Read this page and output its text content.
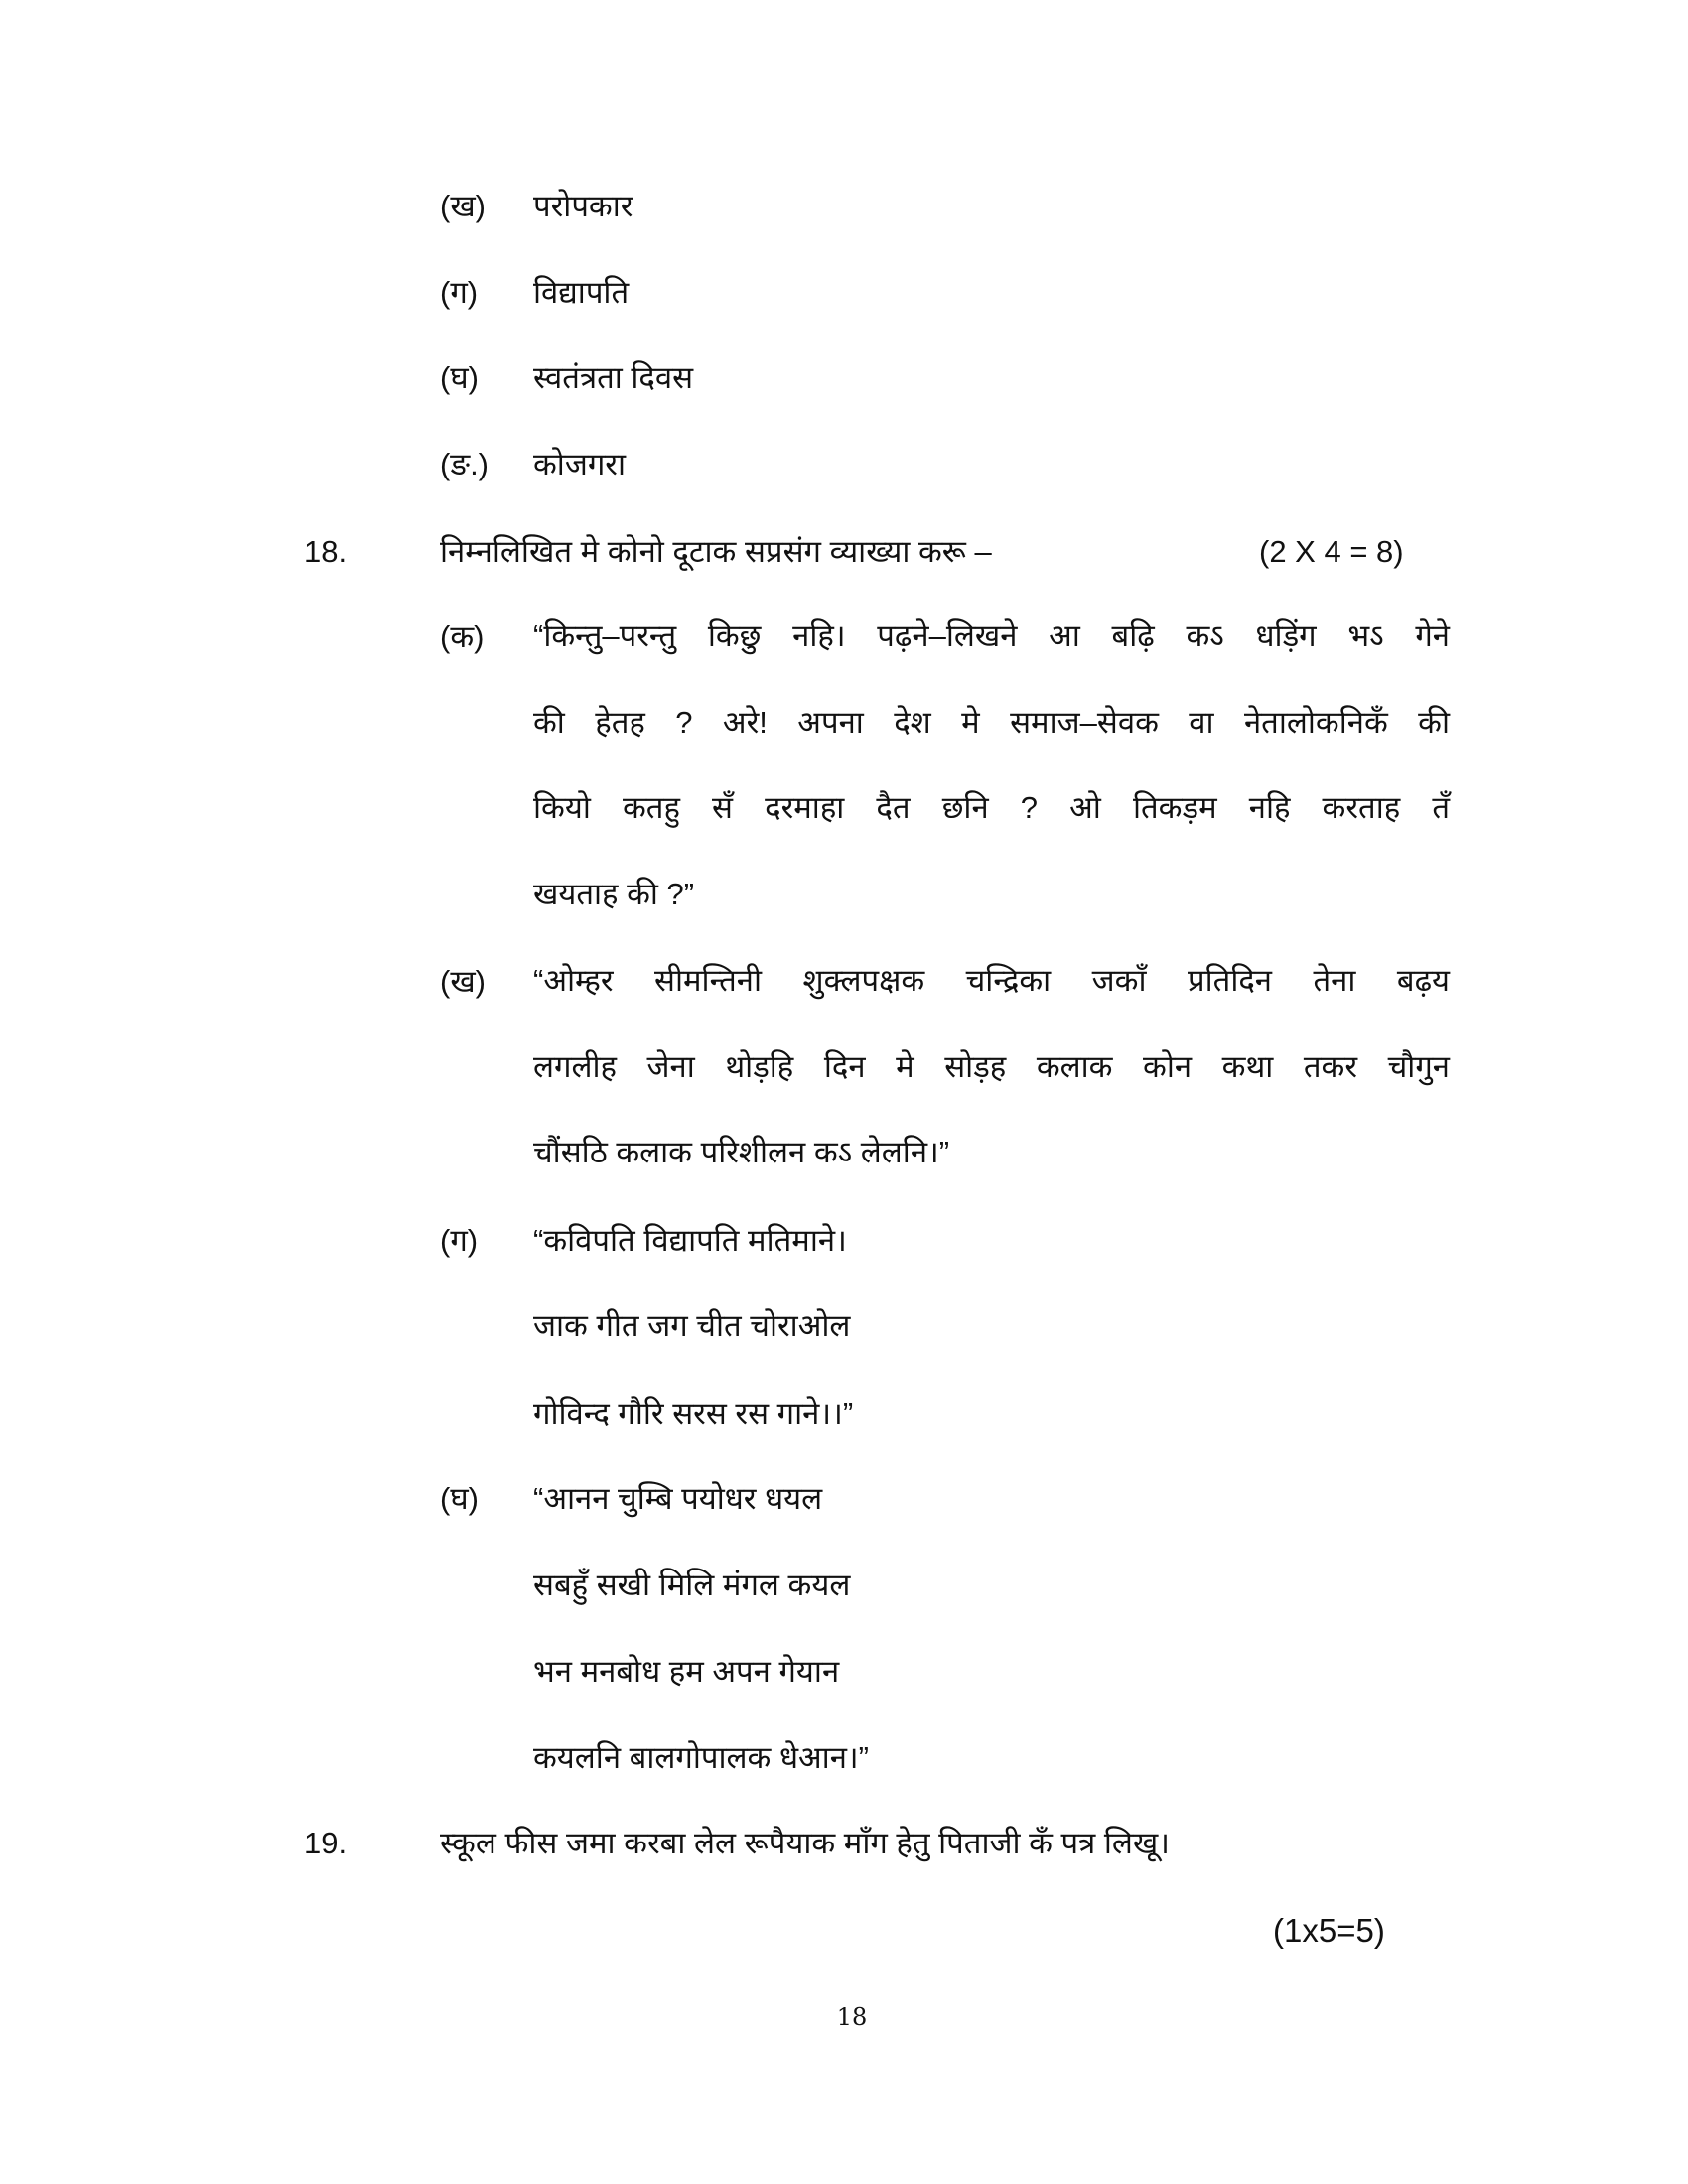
(ख) परोपकार
(ग) विद्यापति
(घ) स्वतंत्रता दिवस
(ङ.) कोजगरा
18.	निम्नलिखित मे कोनो दूटाक सप्रसंग व्याख्या करू –	(2 X 4 = 8)
(क) “किन्तु–परन्तु किछु नहि। पढ़ने–लिखने आ बढ़ि कऽ धड़िंग भऽ गेने
की हेतह ? अरे! अपना देश मे समाज–सेवक वा नेतालोकनिकँ की
कियो कतहु सँ दरमाहा दैत छनि ? ओ तिकड़म नहि करताह तँ
खयताह की ?”
(ख) “ओम्हर सीमन्तिनी शुक्लपक्षक चन्द्रिका जकाँ प्रतिदिन तेना बढ़य
लगलीह जेना थोड़हि दिन मे सोड़ह कलाक कोन कथा तकर चौगुन
चौंसठि कलाक परिशीलन कऽ लेलनि।”
(ग) “कविपति विद्यापति मतिमाने।
जाक गीत जग चीत चोराओल
गोविन्द गौरि सरस रस गाने।।”
(घ) “आनन चुम्बि पयोधर धयल
सबहुँ सखी मिलि मंगल कयल
भन मनबोध हम अपन गेयान
कयलनि बालगोपालक धेआन।”
19.	स्कूल फीस जमा करबा लेल रूपैयाक माँग हेतु पिताजी कँ पत्र लिखू।
(1x5=5)
18
